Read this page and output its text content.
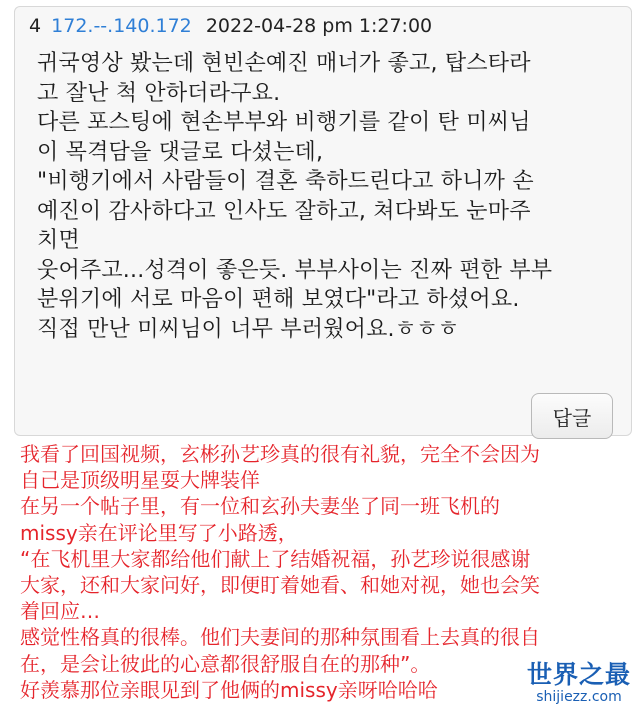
4 172.--.140.172 2022-04-28 pm 1:27:00
귀국영상 봤는데 현빈손예진 매너가 좋고, 탑스타라
고 잘난 척 안하더라구요.
다른 포스팅에 현손부부와 비행기를 같이 탄 미씨님
이 목격담을 댓글로 다셨는데,
"비행기에서 사람들이 결혼 축하드린다고 하니까 손
예진이 감사하다고 인사도 잘하고, 쳐다봐도 눈마주
치면
웃어주고...성격이 좋은듯. 부부사이는 진짜 편한 부부
분위기에 서로 마음이 편해 보였다"라고 하셨어요.
직접 만난 미씨님이 너무 부러웠어요.ㅎㅎㅎ
답글
我看了回国视频，玄彬孙艺珍真的很有礼貌，完全不会因为
自己是顶级明星耍大牌装佯
在另一个帖子里，有一位和玄孙夫妻坐了同一班飞机的
missy亲在评论里写了小路透，
“在飞机里大家都给他们献上了结婚祝福，孙艺珍说很感谢
大家，还和大家问好，即便盯着她看、和她对视，她也会笑
着回应…
感觉性格真的很棒。他们夫妻间的那种氛围看上去真的很自
在，是会让彼此的心意都很舒服自在的那种”。
好羡慕那位亲眼见到了他俩的missy亲呀哈哈哈
世界之最
shijiezz.com
